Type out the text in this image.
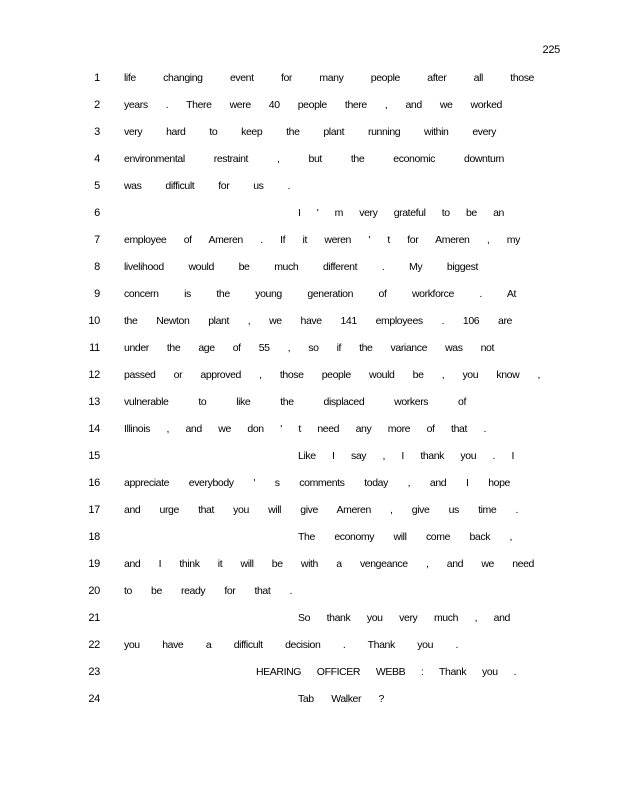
225
1 life changing event for many people after all those
2 years . There were 40 people there , and we worked
3 very hard to keep the plant running within every
4 environmental restraint , but the economic downturn
5 was difficult for us .
6	I ' m very grateful to be an
7 employee of Ameren . If it weren ' t for Ameren , my
8 livelihood would be much different . My biggest
9 concern is the young generation of workforce . At
10 the Newton plant , we have 141 employees . 106 are
11 under the age of 55 , so if the variance was not
12 passed or approved , those people would be , you know ,
13 vulnerable to like the displaced workers of
14 Illinois , and we don ' t need any more of that .
15	Like I say , I thank you . I
16 appreciate everybody ' s comments today , and I hope
17 and urge that you will give Ameren , give us time .
18	The economy will come back ,
19 and I think it will be with a vengeance , and we need
20 to be ready for that .
21	So thank you very much , and
22 you have a difficult decision . Thank you .
23	HEARING OFFICER WEBB : Thank you .
24	Tab Walker ?
